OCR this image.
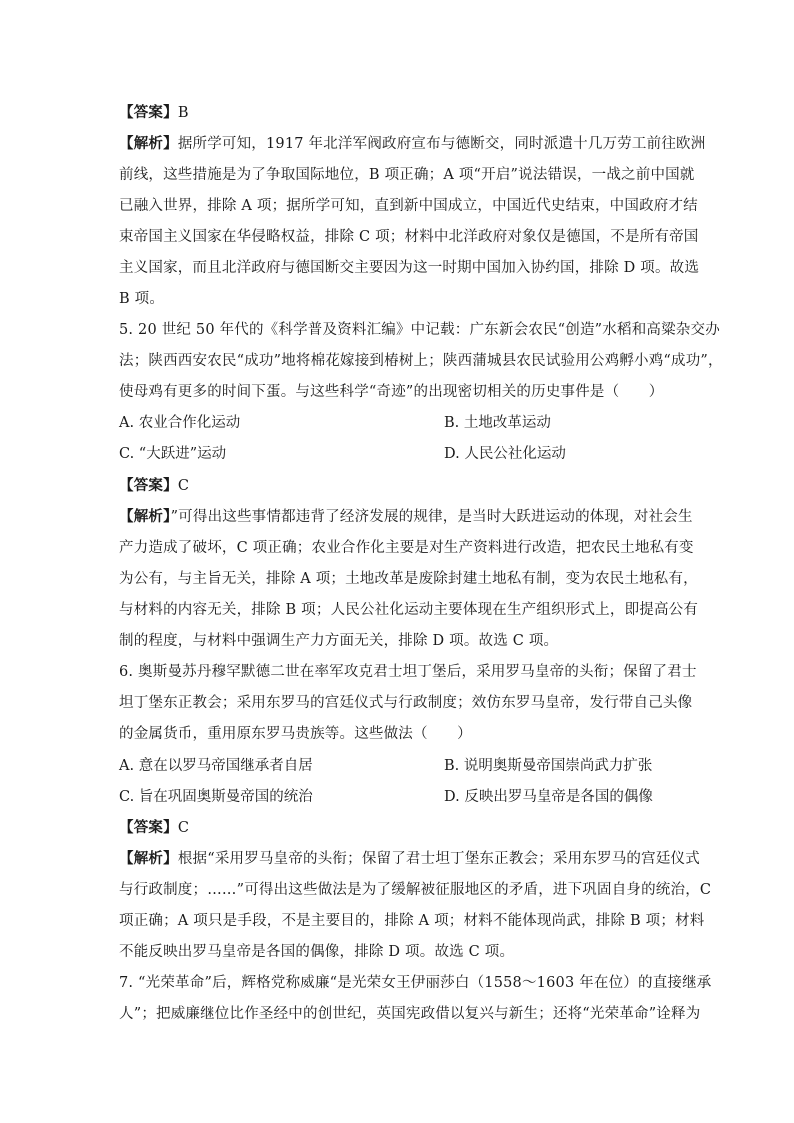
【答案】B
【解析】据所学可知，1917 年北洋军阀政府宣布与德断交，同时派遣十几万劳工前往欧洲
前线，这些措施是为了争取国际地位，B 项正确；A 项“开启”说法错误，一战之前中国就
已融入世界，排除 A 项；据所学可知，直到新中国成立，中国近代史结束，中国政府才结
束帝国主义国家在华侵略权益，排除 C 项；材料中北洋政府对象仅是德国，不是所有帝国
主义国家，而且北洋政府与德国断交主要因为这一时期中国加入协约国，排除 D 项。故选
B 项。
5. 20 世纪 50 年代的《科学普及资料汇编》中记载：广东新会农民“创造”水稻和高粱杂交办
法；陕西西安农民“成功”地将棉花嫁接到椿树上；陕西蒲城县农民试验用公鸡孵小鸡“成功”，
使母鸡有更多的时间下蛋。与这些科学“奇迹”的出现密切相关的历史事件是（　　）
A. 农业合作化运动	B. 土地改革运动
C. “大跃进”运动	D. 人民公社化运动
【答案】C
【解析】”可得出这些事情都违背了经济发展的规律，是当时大跃进运动的体现，对社会生
产力造成了破坏，C 项正确；农业合作化主要是对生产资料进行改造，把农民土地私有变
为公有，与主旨无关，排除 A 项；土地改革是废除封建土地私有制，变为农民土地私有，
与材料的内容无关，排除 B 项；人民公社化运动主要体现在生产组织形式上，即提高公有
制的程度，与材料中强调生产力方面无关，排除 D 项。故选 C 项。
6. 奥斯曼苏丹穆罕默德二世在率军攻克君士坦丁堡后，采用罗马皇帝的头衔；保留了君士
坦丁堡东正教会；采用东罗马的宫廷仪式与行政制度；效仿东罗马皇帝，发行带自己头像
的金属货币，重用原东罗马贵族等。这些做法（　　）
A. 意在以罗马帝国继承者自居	B. 说明奥斯曼帝国崇尚武力扩张
C. 旨在巩固奥斯曼帝国的统治	D. 反映出罗马皇帝是各国的偶像
【答案】C
【解析】根据“采用罗马皇帝的头衔；保留了君士坦丁堡东正教会；采用东罗马的宫廷仪式
与行政制度；……”可得出这些做法是为了缓解被征服地区的矛盾，进下巩固自身的统治，C
项正确；A 项只是手段，不是主要目的，排除 A 项；材料不能体现尚武，排除 B 项；材料
不能反映出罗马皇帝是各国的偶像，排除 D 项。故选 C 项。
7. “光荣革命”后，辉格党称威廉“是光荣女王伊丽莎白（1558～1603 年在位）的直接继承
人”；把威廉继位比作圣经中的创世纪，英国宪政借以复兴与新生；还将“光荣革命”诠释为
